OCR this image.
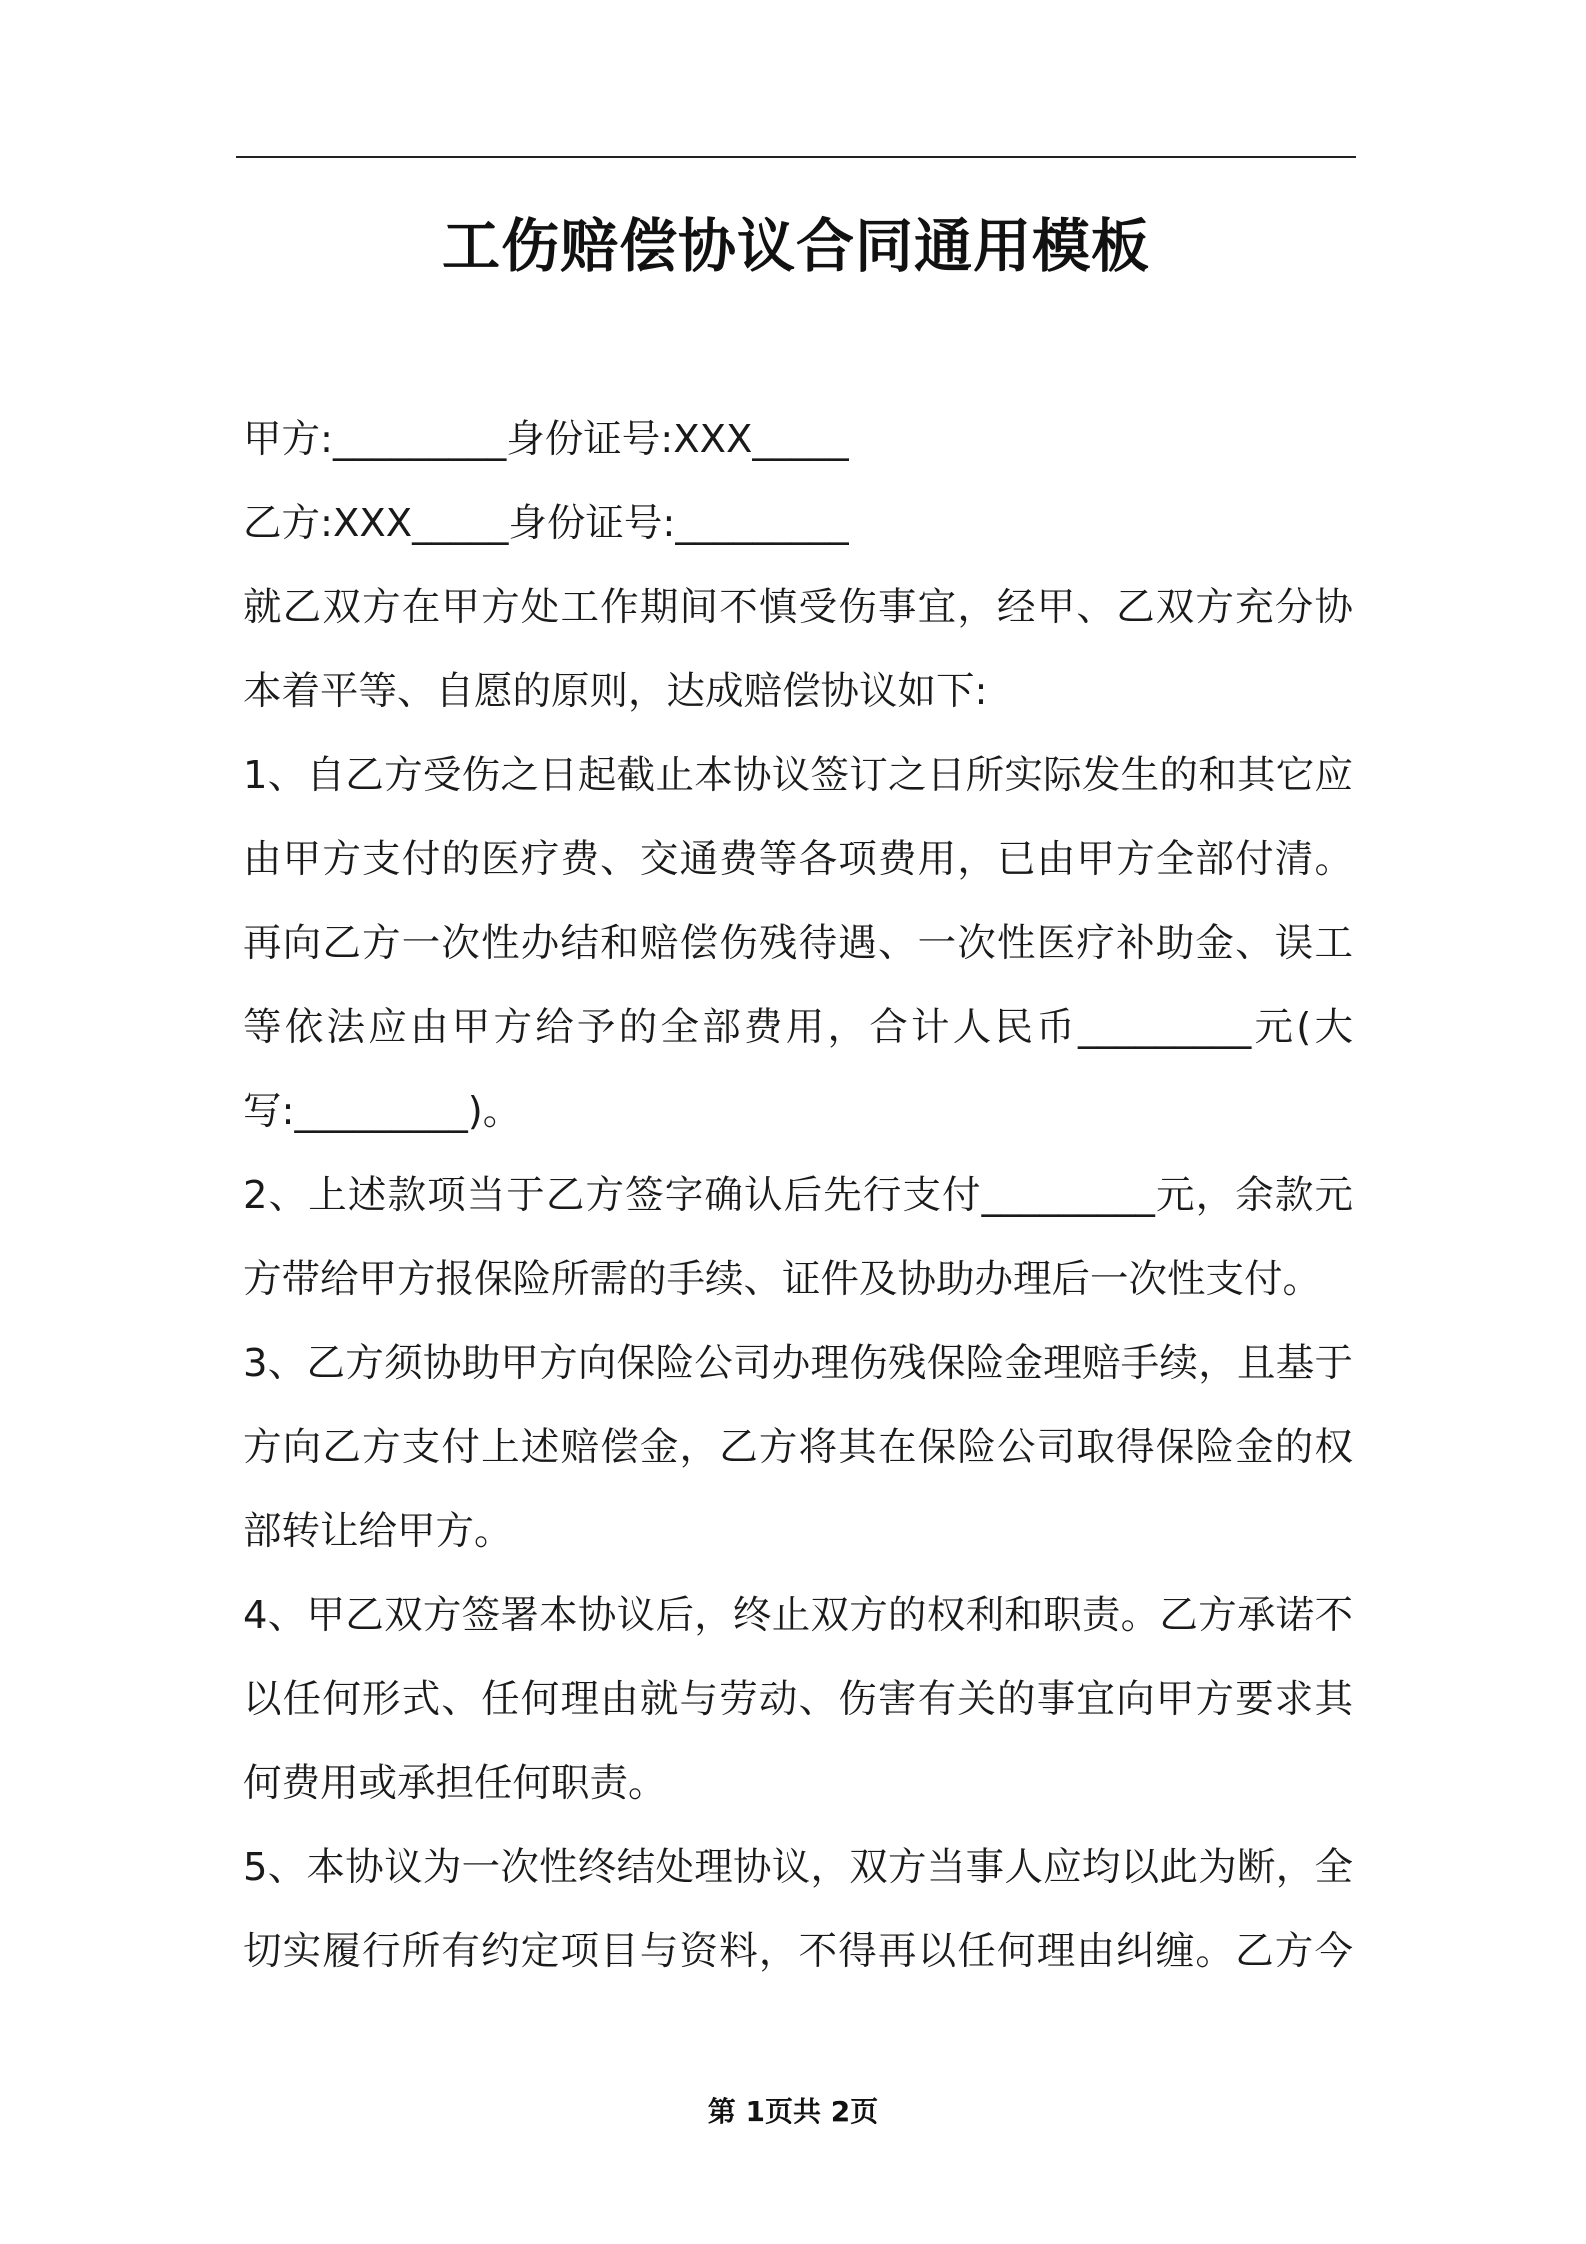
工伤赔偿协议合同通用模板
甲方:_________身份证号:XXX_____
乙方:XXX_____身份证号:_________
就乙双方在甲方处工作期间不慎受伤事宜，经甲、乙双方充分协
本着平等、自愿的原则，达成赔偿协议如下:
1、自乙方受伤之日起截止本协议签订之日所实际发生的和其它应
由甲方支付的医疗费、交通费等各项费用，已由甲方全部付清。
再向乙方一次性办结和赔偿伤残待遇、一次性医疗补助金、误工
等依法应由甲方给予的全部费用，合计人民币_________元(大
写:_________)。
2、上述款项当于乙方签字确认后先行支付_________元，余款元
方带给甲方报保险所需的手续、证件及协助办理后一次性支付。
3、乙方须协助甲方向保险公司办理伤残保险金理赔手续，且基于
方向乙方支付上述赔偿金，乙方将其在保险公司取得保险金的权
部转让给甲方。
4、甲乙双方签署本协议后，终止双方的权利和职责。乙方承诺不
以任何形式、任何理由就与劳动、伤害有关的事宜向甲方要求其
何费用或承担任何职责。
5、本协议为一次性终结处理协议，双方当事人应均以此为断，全
切实履行所有约定项目与资料，不得再以任何理由纠缠。乙方今
第 1页共 2页
